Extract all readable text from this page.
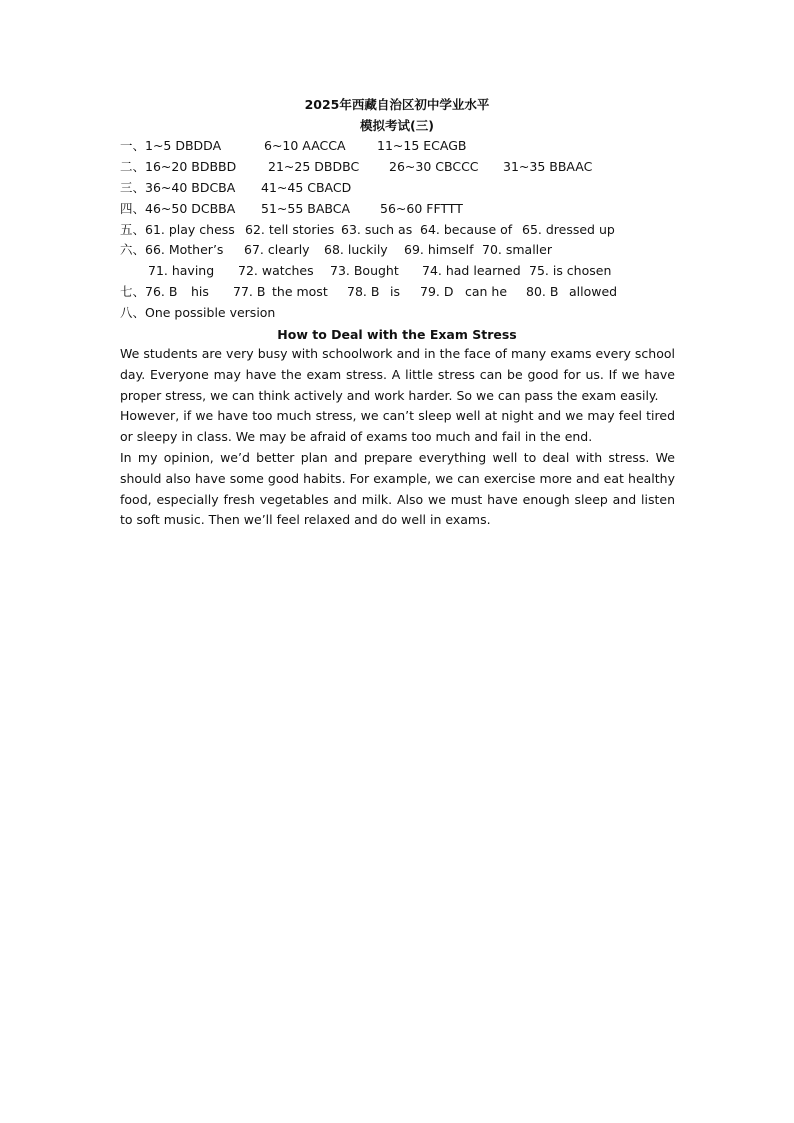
2025年西藏自治区初中学业水平
模拟考试(三)
一、1~5 DBDDA	6~10 AACCA	11~15 ECAGB
二、16~20 BDBBD	21~25 DBDBC 26~30 CBCCC 31~35 BBAAC
三、36~40 BDCBA 41~45 CBACD
四、46~50 DCBBA 51~55 BABCA 56~60 FFTTT
五、61. play chess 62. tell stories 63. such as 64. because of 65. dressed up
六、66. Mother’s 67. clearly 68. luckily 69. himself 70. smaller
71. having 72. watches 73. Bought 74. had learned 75. is chosen
七、76. B his 77. B the most 78. B is 79. D can he 80. B allowed
八、One possible version
How to Deal with the Exam Stress

We students are very busy with schoolwork and in the face of many exams every school day. Everyone may have the exam stress. A little stress can be good for us. If we have proper stress, we can think actively and work harder. So we can pass the exam easily.

However, if we have too much stress, we can’t sleep well at night and we may feel tired or sleepy in class. We may be afraid of exams too much and fail in the end.

In my opinion, we’d better plan and prepare everything well to deal with stress. We should also have some good habits. For example, we can exercise more and eat healthy food, especially fresh vegetables and milk. Also we must have enough sleep and listen to soft music. Then we’ll feel relaxed and do well in exams.
